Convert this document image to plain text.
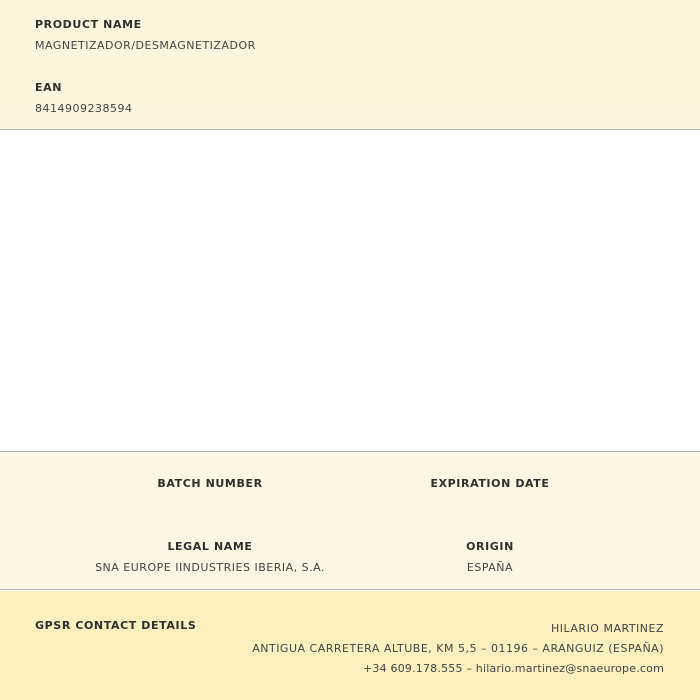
PRODUCT NAME
MAGNETIZADOR/DESMAGNETIZADOR
EAN
8414909238594
BATCH NUMBER	EXPIRATION DATE
LEGAL NAME
SNA EUROPE IINDUSTRIES IBERIA, S.A.
ORIGIN
ESPAÑA
GPSR CONTACT DETAILS	HILARIO MARTINEZ
ANTIGUA CARRETERA ALTUBE, KM 5,5 – 01196 – ARANGUIZ (ESPAÑA)
+34 609.178.555 – hilario.martinez@snaeurope.com
